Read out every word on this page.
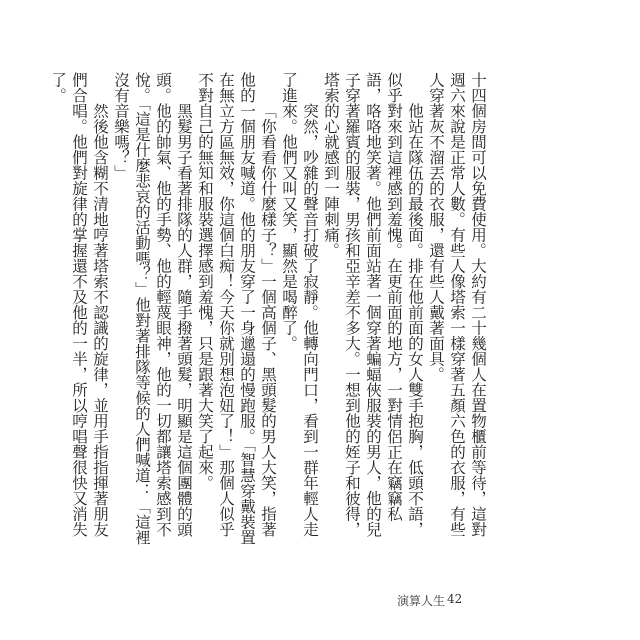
十四個房間可以免費使用。大約有二十幾個人在置物櫃前等待，這對週六來說是正常人數。有些人像塔索一樣穿著五顏六色的衣服，有些人穿著灰不溜丟的衣服，還有些人戴著面具。

他站在隊伍的最後面。排在他前面的女人雙手抱胸，低頭不語，似乎對來到這裡感到羞愧。在更前面的地方，一對情侶正在竊竊私語，咯咯地笑著。他們前面站著一個穿著蝙蝠俠服裝的男人，他的兒子穿著羅賓的服裝，男孩和亞辛差不多大。一想到他的姪子和彼得，塔索的心就感到一陣刺痛。

突然，吵雜的聲音打破了寂靜。他轉向門口，看到一群年輕人走了進來。他們又叫又笑，顯然是喝醉了。

「你看看你什麼樣子？」一個高個子、黑頭髮的男人大笑，指著他的一個朋友喊道。他的朋友穿了一身邋遢的慢跑服。「智慧穿戴裝置在無立方區無效，你這個白痴！今天你就別想泡妞了！」那個人似乎不對自己的無知和服裝選擇感到羞愧，只是跟著大笑了起來。

黑髮男子看著排隊的人群，隨手撥著頭髮，明顯是這個團體的頭頭。他的帥氣、他的手勢、他的輕蔑眼神，他的一切都讓塔索感到不悅。「這是什麼悲哀的活動嗎？」他對著排隊等候的人們喊道：「這裡沒有音樂嗎？」

然後他含糊不清地哼著塔索不認識的旋律，並用手指指揮著朋友們合唱。他們對旋律的掌握還不及他的一半，所以哼唱聲很快又消失了。

演算人生 42
